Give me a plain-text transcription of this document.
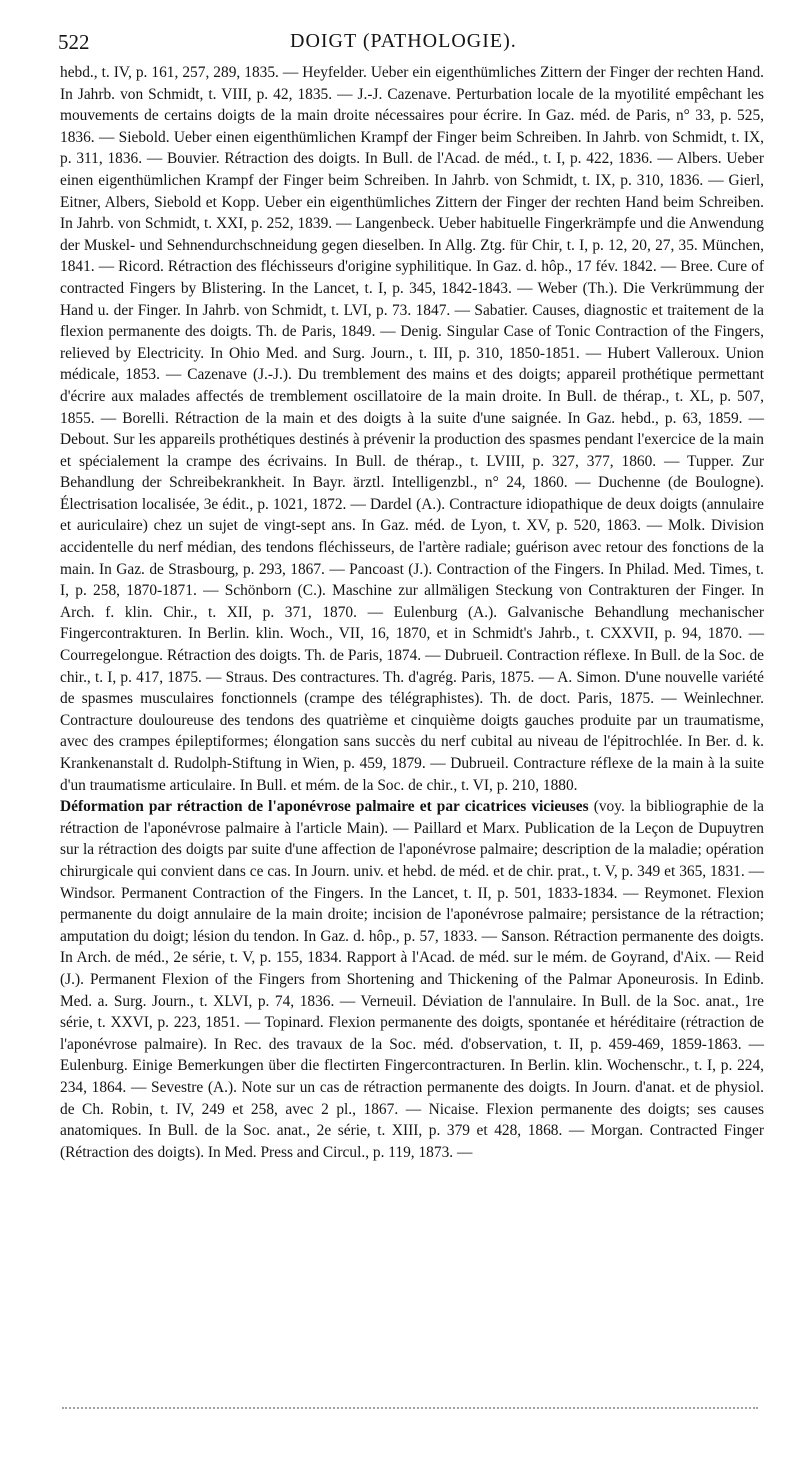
522	DOIGT (PATHOLOGIE).

hebd., t. IV, p. 161, 257, 289, 1835. — Heyfelder. Ueber ein eigenthümliches Zittern der Finger der rechten Hand. In Jahrb. von Schmidt, t. VIII, p. 42, 1835. — J.-J. Cazenave. Perturbation locale de la myotilité empêchant les mouvements de certains doigts de la main droite nécessaires pour écrire. In Gaz. méd. de Paris, n° 33, p. 525, 1836. — Siebold. Ueber einen eigenthümlichen Krampf der Finger beim Schreiben. In Jahrb. von Schmidt, t. IX, p. 311, 1836. — Bouvier. Rétraction des doigts. In Bull. de l'Acad. de méd., t. I, p. 422, 1836. — Albers. Ueber einen eigenthümlichen Krampf der Finger beim Schreiben. In Jahrb. von Schmidt, t. IX, p. 310, 1836. — Gierl, Eitner, Albers, Siebold et Kopp. Ueber ein eigenthümliches Zittern der Finger der rechten Hand beim Schreiben. In Jahrb. von Schmidt, t. XXI, p. 252, 1839. — Langenbeck. Ueber habituelle Fingerkrämpfe und die Anwendung der Muskel- und Sehnendurchschneidung gegen dieselben. In Allg. Ztg. für Chir, t. I, p. 12, 20, 27, 35. München, 1841. — Ricord. Rétraction des fléchisseurs d'origine syphilitique. In Gaz. d. hôp., 17 fév. 1842. — Bree. Cure of contracted Fingers by Blistering. In the Lancet, t. I, p. 345, 1842-1843. — Weber (Th.). Die Verkrümmung der Hand u. der Finger. In Jahrb. von Schmidt, t. LVI, p. 73. 1847. — Sabatier. Causes, diagnostic et traitement de la flexion permanente des doigts. Th. de Paris, 1849. — Denig. Singular Case of Tonic Contraction of the Fingers, relieved by Electricity. In Ohio Med. and Surg. Journ., t. III, p. 310, 1850-1851. — Hubert Valleroux. Union médicale, 1853. — Cazenave (J.-J.). Du tremblement des mains et des doigts; appareil prothétique permettant d'écrire aux malades affectés de tremblement oscillatoire de la main droite. In Bull. de thérap., t. XL, p. 507, 1855. — Borelli. Rétraction de la main et des doigts à la suite d'une saignée. In Gaz. hebd., p. 63, 1859. — Debout. Sur les appareils prothétiques destinés à prévenir la production des spasmes pendant l'exercice de la main et spécialement la crampe des écrivains. In Bull. de thérap., t. LVIII, p. 327, 377, 1860. — Tupper. Zur Behandlung der Schreibekrankheit. In Bayr. ärztl. Intelligenzbl., n° 24, 1860. — Duchenne (de Boulogne). Électrisation localisée, 3e édit., p. 1021, 1872. — Dardel (A.). Contracture idiopathique de deux doigts (annulaire et auriculaire) chez un sujet de vingt-sept ans. In Gaz. méd. de Lyon, t. XV, p. 520, 1863. — Molk. Division accidentelle du nerf médian, des tendons fléchisseurs, de l'artère radiale; guérison avec retour des fonctions de la main. In Gaz. de Strasbourg, p. 293, 1867. — Pancoast (J.). Contraction of the Fingers. In Philad. Med. Times, t. I, p. 258, 1870-1871. — Schönborn (C.). Maschine zur allmäligen Steckung von Contrakturen der Finger. In Arch. f. klin. Chir., t. XII, p. 371, 1870. — Eulenburg (A.). Galvanische Behandlung mechanischer Fingercontrakturen. In Berlin. klin. Woch., VII, 16, 1870, et in Schmidt's Jahrb., t. CXXVII, p. 94, 1870. — Courregelongue. Rétraction des doigts. Th. de Paris, 1874. — Dubrueil. Contraction réflexe. In Bull. de la Soc. de chir., t. I, p. 417, 1875. — Straus. Des contractures. Th. d'agrég. Paris, 1875. — A. Simon. D'une nouvelle variété de spasmes musculaires fonctionnels (crampe des télégraphistes). Th. de doct. Paris, 1875. — Weinlechner. Contracture douloureuse des tendons des quatrième et cinquième doigts gauches produite par un traumatisme, avec des crampes épileptiformes; élongation sans succès du nerf cubital au niveau de l'épitrochlée. In Ber. d. k. Krankenanstalt d. Rudolph-Stiftung in Wien, p. 459, 1879. — Dubrueil. Contracture réflexe de la main à la suite d'un traumatisme articulaire. In Bull. et mém. de la Soc. de chir., t. VI, p. 210, 1880.

Déformation par rétraction de l'aponévrose palmaire et par cicatrices vicieuses (voy. la bibliographie de la rétraction de l'aponévrose palmaire à l'article Main). — Paillard et Marx. Publication de la Leçon de Dupuytren sur la rétraction des doigts par suite d'une affection de l'aponévrose palmaire; description de la maladie; opération chirurgicale qui convient dans ce cas. In Journ. univ. et hebd. de méd. et de chir. prat., t. V, p. 349 et 365, 1831. — Windsor. Permanent Contraction of the Fingers. In the Lancet, t. II, p. 501, 1833-1834. — Reymonet. Flexion permanente du doigt annulaire de la main droite; incision de l'aponévrose palmaire; persistance de la rétraction; amputation du doigt; lésion du tendon. In Gaz. d. hôp., p. 57, 1833. — Sanson. Rétraction permanente des doigts. In Arch. de méd., 2e série, t. V, p. 155, 1834. Rapport à l'Acad. de méd. sur le mém. de Goyrand, d'Aix. — Reid (J.). Permanent Flexion of the Fingers from Shortening and Thickening of the Palmar Aponeurosis. In Edinb. Med. a. Surg. Journ., t. XLVI, p. 74, 1836. — Verneuil. Déviation de l'annulaire. In Bull. de la Soc. anat., 1re série, t. XXVI, p. 223, 1851. — Topinard. Flexion permanente des doigts, spontanée et héréditaire (rétraction de l'aponévrose palmaire). In Rec. des travaux de la Soc. méd. d'observation, t. II, p. 459-469, 1859-1863. — Eulenburg. Einige Bemerkungen über die flectirten Fingercontracturen. In Berlin. klin. Wochenschr., t. I, p. 224, 234, 1864. — Sevestre (A.). Note sur un cas de rétraction permanente des doigts. In Journ. d'anat. et de physiol. de Ch. Robin, t. IV, 249 et 258, avec 2 pl., 1867. — Nicaise. Flexion permanente des doigts; ses causes anatomiques. In Bull. de la Soc. anat., 2e série, t. XIII, p. 379 et 428, 1868. — Morgan. Contracted Finger (Rétraction des doigts). In Med. Press and Circul., p. 119, 1873. —
